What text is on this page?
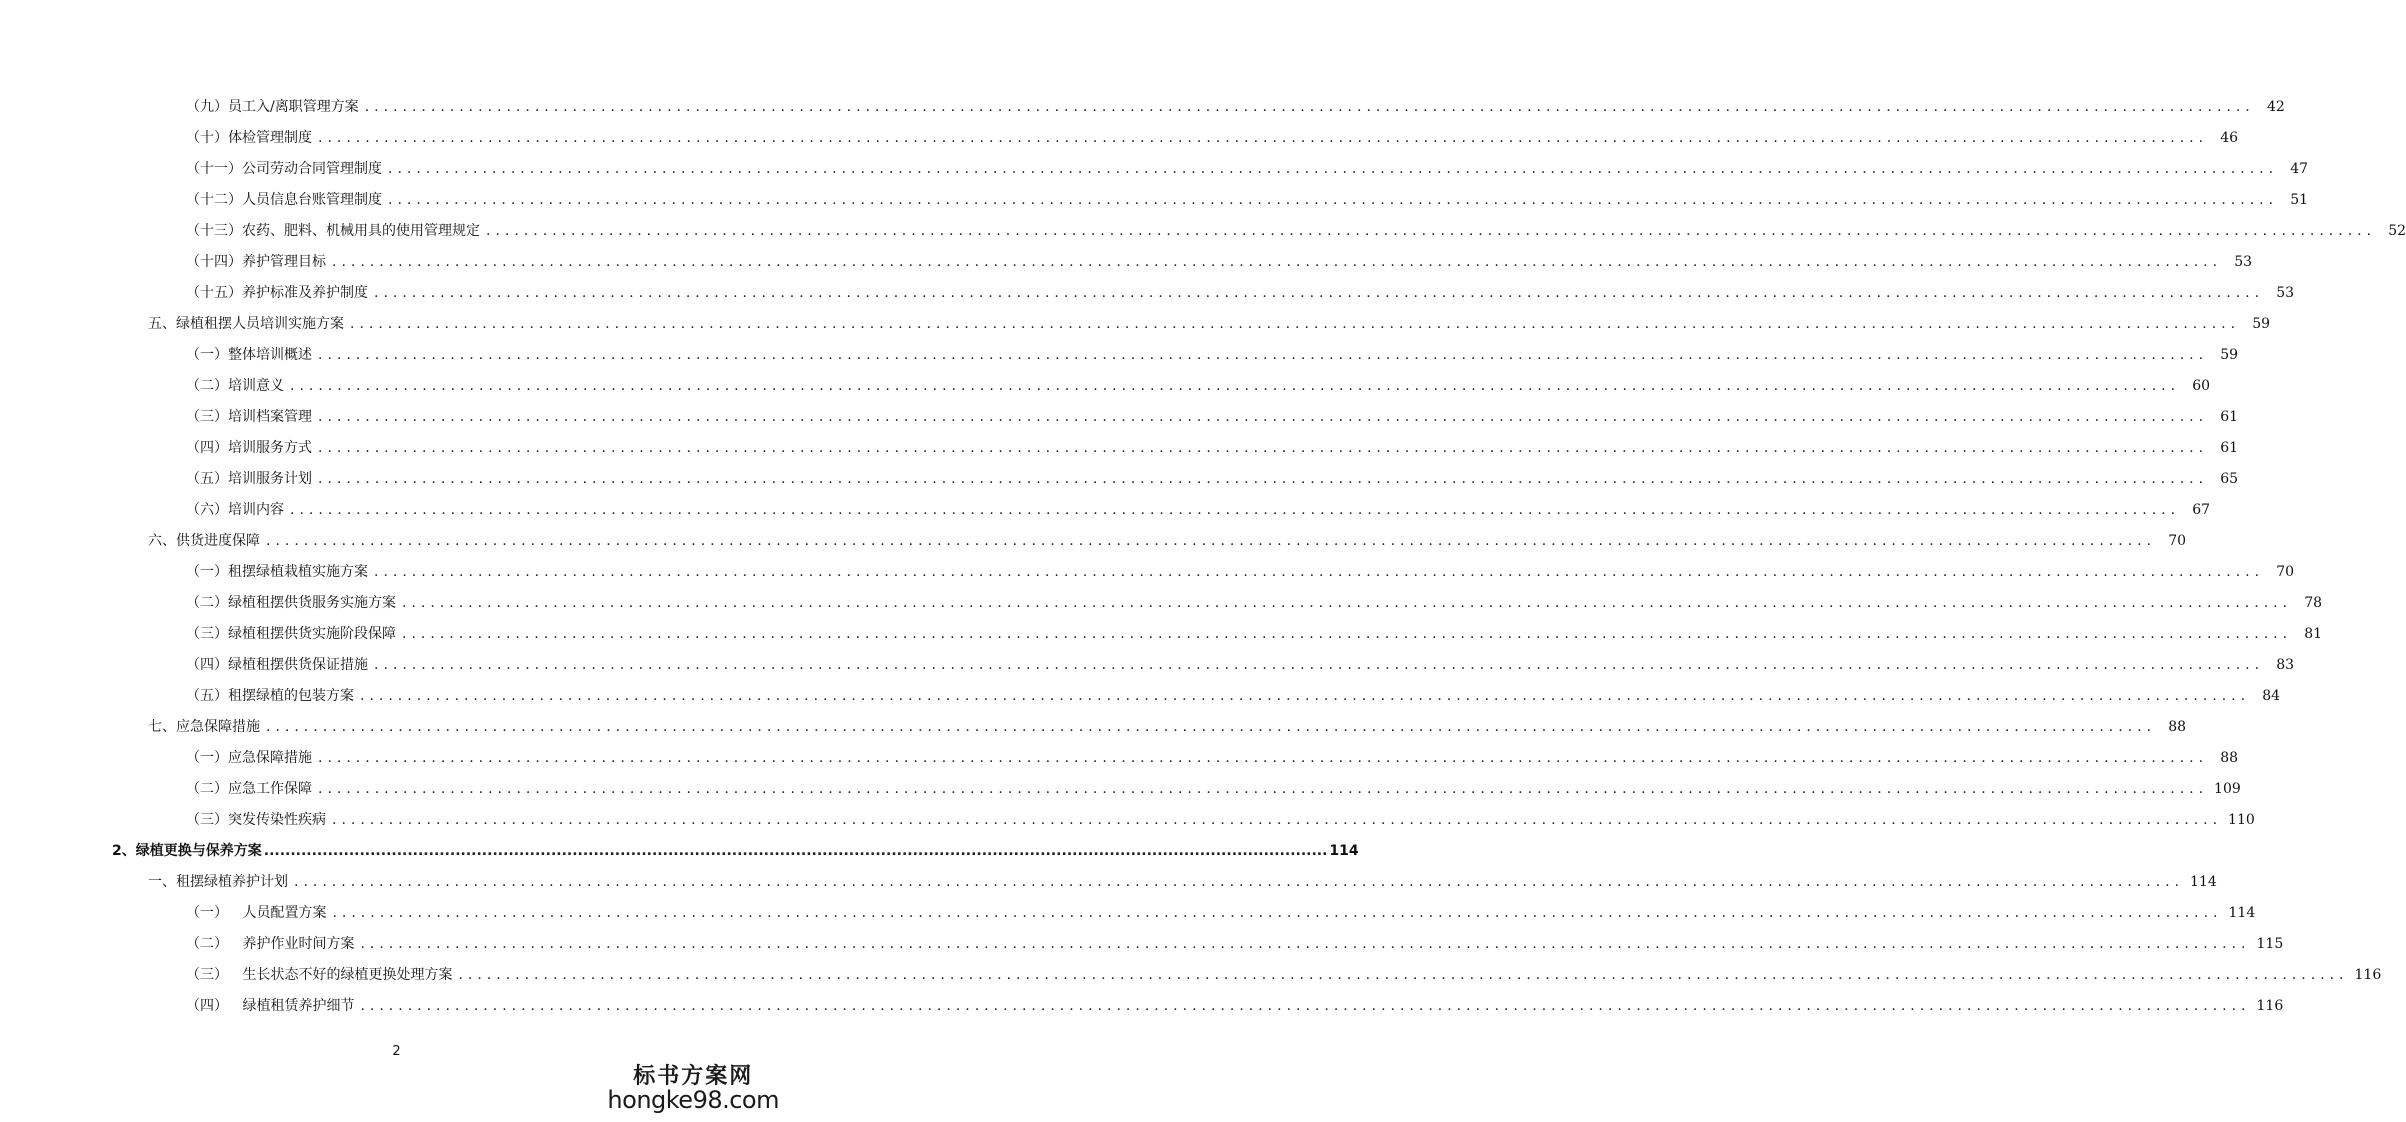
（九）员工入/离职管理方案 ........................................................................................................................................................................................................ 42
（十）体检管理制度 ........................................................................................................................................................................................................ 46
（十一）公司劳动合同管理制度 ........................................................................................................................................................................................................ 47
（十二）人员信息台账管理制度 ........................................................................................................................................................................................................ 51
（十三）农药、肥料、机械用具的使用管理规定 ........................................................................................................................................................................................................ 52
（十四）养护管理目标 ........................................................................................................................................................................................................ 53
（十五）养护标准及养护制度 ........................................................................................................................................................................................................ 53
五、绿植租摆人员培训实施方案 ........................................................................................................................................................................................................ 59
（一）整体培训概述 ........................................................................................................................................................................................................ 59
（二）培训意义 ........................................................................................................................................................................................................ 60
（三）培训档案管理 ........................................................................................................................................................................................................ 61
（四）培训服务方式 ........................................................................................................................................................................................................ 61
（五）培训服务计划 ........................................................................................................................................................................................................ 65
（六）培训内容 ........................................................................................................................................................................................................ 67
六、供货进度保障 ........................................................................................................................................................................................................ 70
（一）租摆绿植栽植实施方案 ........................................................................................................................................................................................................ 70
（二）绿植租摆供货服务实施方案 ........................................................................................................................................................................................................ 78
（三）绿植租摆供货实施阶段保障 ........................................................................................................................................................................................................ 81
（四）绿植租摆供货保证措施 ........................................................................................................................................................................................................ 83
（五）租摆绿植的包装方案 ........................................................................................................................................................................................................ 84
七、应急保障措施 ........................................................................................................................................................................................................ 88
（一）应急保障措施 ........................................................................................................................................................................................................ 88
（二）应急工作保障 ........................................................................................................................................................................................................ 109
（三）突发传染性疾病 ........................................................................................................................................................................................................ 110
2、绿植更换与保养方案 ........................................................................................................................................................................................................ 114
一、租摆绿植养护计划 ........................................................................................................................................................................................................ 114
（一） 人员配置方案 ........................................................................................................................................................................................................ 114
（二） 养护作业时间方案 ........................................................................................................................................................................................................ 115
（三） 生长状态不好的绿植更换处理方案 ........................................................................................................................................................................................................ 116
（四） 绿植租赁养护细节 ........................................................................................................................................................................................................ 116
2
标书方案网
hongke98.com
